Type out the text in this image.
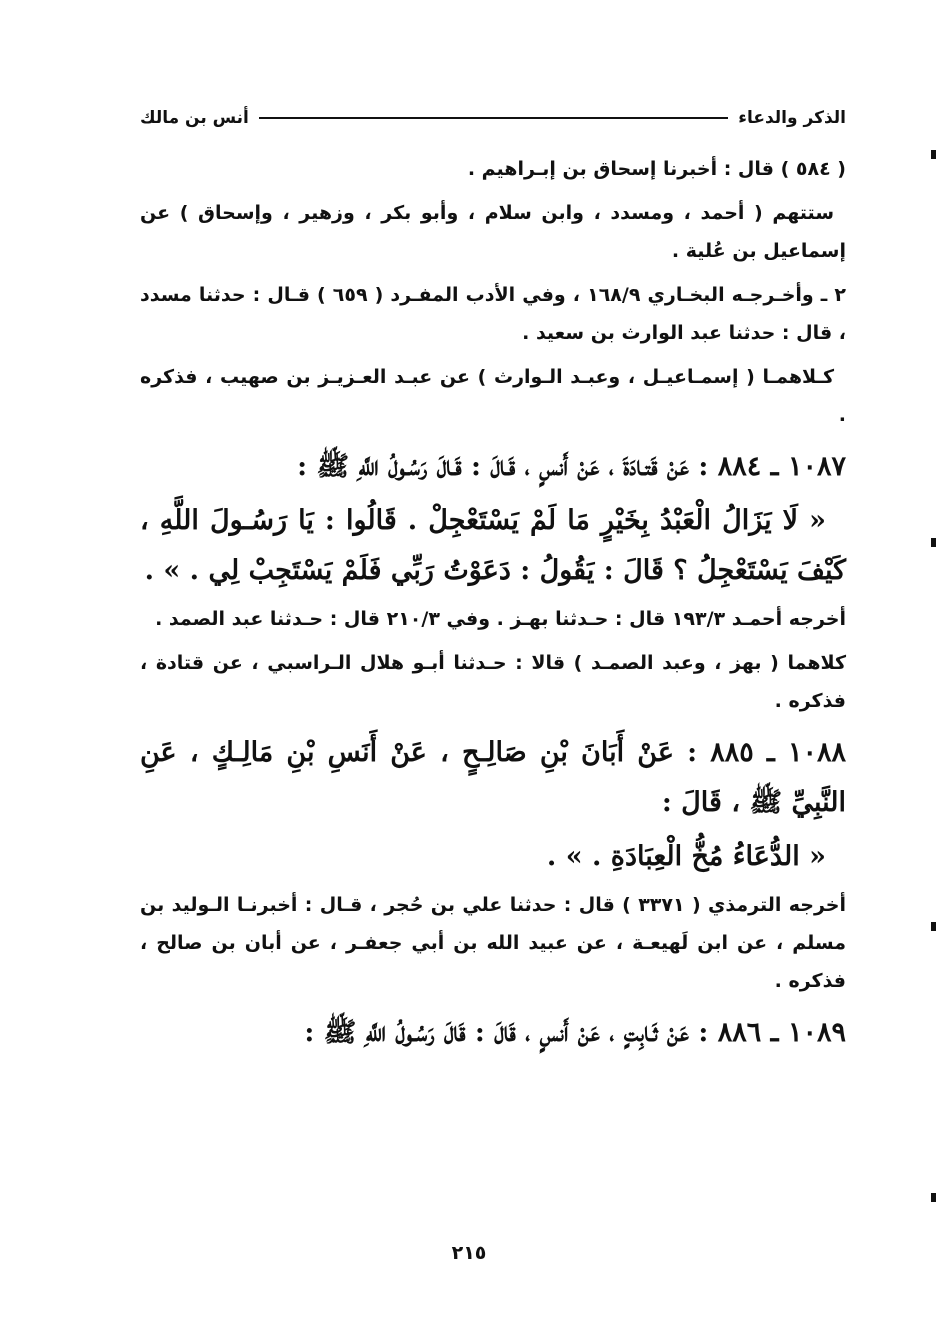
الذكر والدعاء
أنس بن مالك

( ٥٨٤ ) قال : أخبرنا إسحاق بن إبـراهيم .

ستتهم ( أحمد ، ومسدد ، وابن سلام ، وأبو بكر ، وزهير ، وإسحاق ) عن إسماعيل بن عُلية .

٢ ـ وأخـرجـه البخـاري ١٦٨/٩ ، وفي الأدب المفـرد ( ٦٥٩ ) قـال : حدثنا مسدد ، قال : حدثنا عبد الوارث بن سعيد .

كـلاهمـا ( إسمـاعيـل ، وعبـد الـوارث ) عن عبـد العـزيـز بن صهيب ، فذكره .

١٠٨٧ ـ ٨٨٤ : عَنْ قَتـادَةَ ، عَنْ أَنسٍ ، قَـالَ : قَـالَ رَسُـولُ اللَّهِ ﷺ :

« لَا يَزَالُ الْعَبْدُ بِخَيْرٍ مَا لَمْ يَسْتَعْجِلْ . قَالُوا : يَا رَسُـولَ اللَّهِ ، كَيْفَ يَسْتَعْجِلُ ؟ قَالَ : يَقُولُ : دَعَوْتُ رَبِّي فَلَمْ يَسْتَجِبْ لِي . » .

أخرجه أحمـد ١٩٣/٣ قال : حـدثنا بهـز . وفي ٢١٠/٣ قال : حـدثنا عبد الصمد .

كلاهما ( بهز ، وعبد الصمـد ) قالا : حـدثنا أبـو هلال الـراسبي ، عن قتادة ، فذكره .

١٠٨٨ ـ ٨٨٥ : عَنْ أَبَانَ بْنِ صَالِـحٍ ، عَنْ أَنَسِ بْنِ مَالِـكٍ ، عَنِ النَّبِيِّ ﷺ ، قَالَ :

« الدُّعَاءُ مُخُّ الْعِبَادَةِ . » .

أخرجه الترمذي ( ٣٣٧١ ) قال : حدثنا علي بن حُجر ، قـال : أخبرنـا الـوليد بن مسلم ، عن ابن لَهيعـة ، عن عبيد الله بن أبي جعفـر ، عن أبان بن صالح ، فذكره .

١٠٨٩ ـ ٨٨٦ : عَنْ ثَـابِتٍ ، عَنْ أَنسٍ ، قَالَ : قَالَ رَسُـولُ اللَّهِ ﷺ :

٢١٥
